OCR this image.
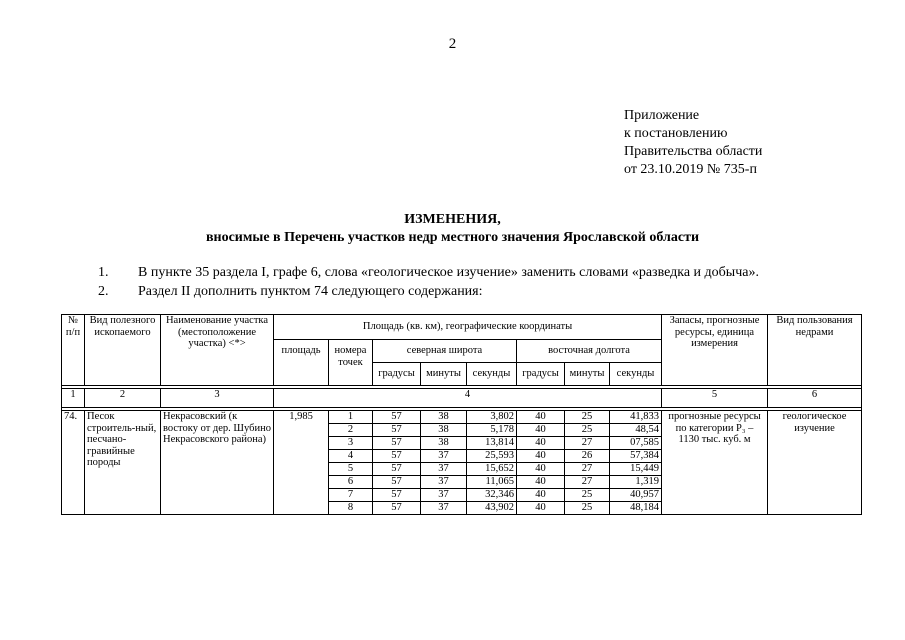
2
Приложение
к постановлению
Правительства области
от 23.10.2019 № 735-п
ИЗМЕНЕНИЯ,
вносимые в Перечень участков недр местного значения Ярославской области
1. В пункте 35 раздела I, графе 6, слова «геологическое изучение» заменить словами «разведка и добыча».
2. Раздел II дополнить пунктом 74 следующего содержания:
№ п/п	Вид полезного ископаемого	Наименование участка (местоположение участка) <*>	Площадь (кв. км), географические координаты								Запасы, прогнозные ресурсы, единица измерения	Вид пользования недрами
			площадь	номера точек	северная широта			восточная долгота				
					градусы	минуты	секунды	градусы	минуты	секунды		

1	2	3	4								5	6

74.	Песок строитель-ный, песчано-гравийные породы	Некрасовский (к востоку от дер. Шубино Некрасовского района)	1,985	1	57	38	3,802	40	25	41,833	прогнозные ресурсы по категории Р₃ – 1130 тыс. куб. м	геологическое изучение
				2	57	38	5,178	40	25	48,54		
				3	57	38	13,814	40	27	07,585		
				4	57	37	25,593	40	26	57,384		
				5	57	37	15,652	40	27	15,449		
				6	57	37	11,065	40	27	1,319		
				7	57	37	32,346	40	25	40,957		
				8	57	37	43,902	40	25	48,184		
